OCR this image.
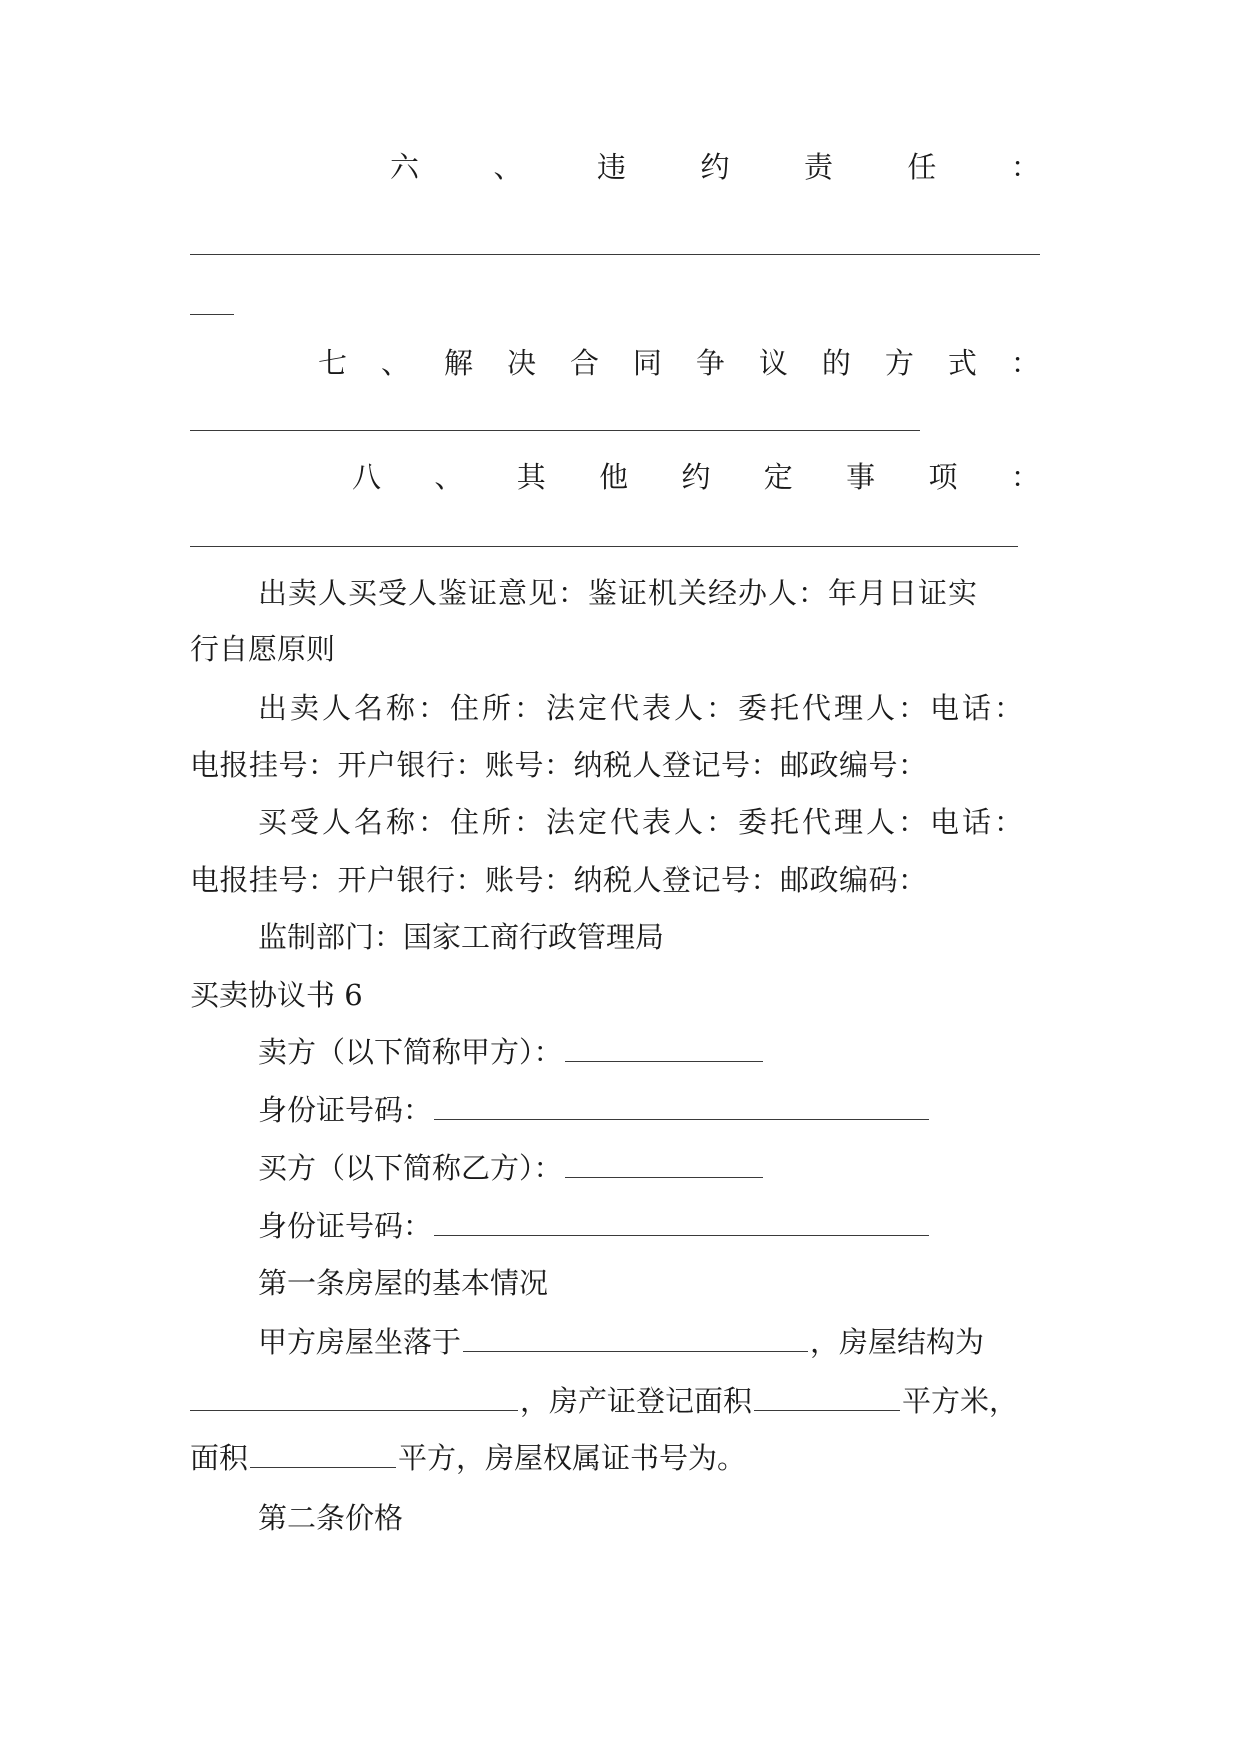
六	、	违	约	责	任	：
七 、 解 决 合 同 争 议 的 方 式 ：
八 、 其 他 约 定 事 项 ：
出卖人买受人鉴证意见：鉴证机关经办人：年月日证实
行自愿原则
出卖人名称：住所：法定代表人：委托代理人：电话：
电报挂号：开户银行：账号：纳税人登记号：邮政编号：
买受人名称：住所：法定代表人：委托代理人：电话：
电报挂号：开户银行：账号：纳税人登记号：邮政编码：
监制部门：国家工商行政管理局
买卖协议书 6
卖方（以下简称甲方）：
身份证号码：
买方（以下简称乙方）：
身份证号码：
第一条房屋的基本情况
甲方房屋坐落于	，房屋结构为
，房产证登记面积	平方米，
面积	平方，房屋权属证书号为。
第二条价格
